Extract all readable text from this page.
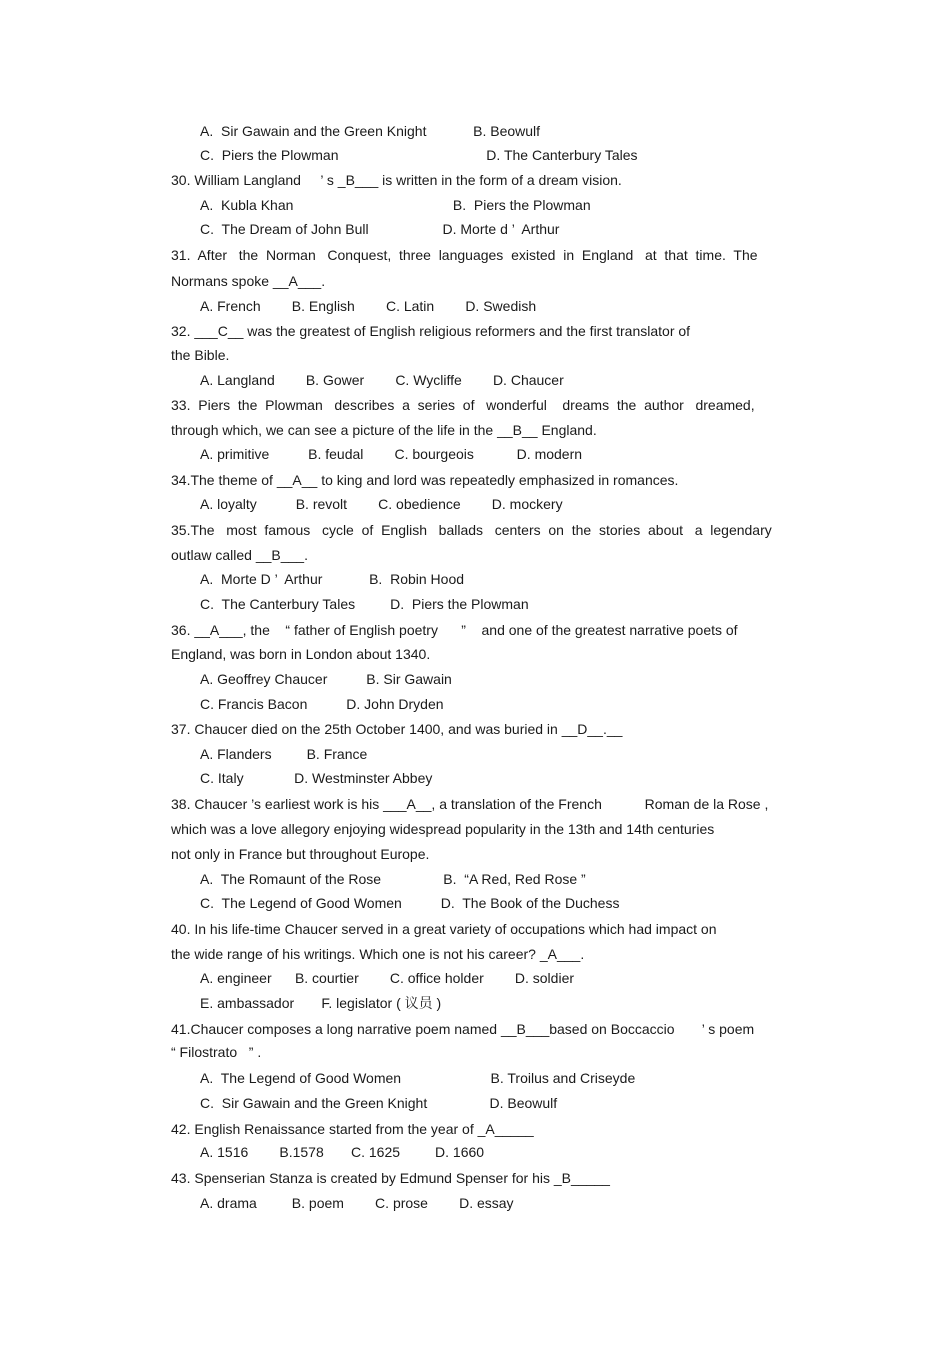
A.  Sir Gawain and the Green Knight            B. Beowulf
C.  Piers the Plowman                                      D. The Canterbury Tales
30. William Langland     ’ s _B___ is written in the form of a dream vision.
A.  Kubla Khan                                         B.  Piers the Plowman
C.  The Dream of John Bull                   D. Morte d ’  Arthur
31.  After   the  Norman   Conquest,  three  languages  existed  in  England   at  that  time.  The
Normans spoke __A___.
A. French        B. English        C. Latin        D. Swedish
32. ___C__ was the greatest of English religious reformers and the first translator of
the Bible.
A. Langland        B. Gower        C. Wycliffe        D. Chaucer
33.  Piers  the  Plowman   describes  a  series  of   wonderful    dreams  the  author   dreamed,
through which, we can see a picture of the life in the __B__ England.
A. primitive          B. feudal        C. bourgeois           D. modern
34.The theme of __A__ to king and lord was repeatedly emphasized in romances.
A. loyalty          B. revolt        C. obedience        D. mockery
35.The   most  famous   cycle  of  English   ballads   centers  on  the  stories  about   a  legendary
outlaw called __B___.
A.  Morte D ’  Arthur            B.  Robin Hood
C.  The Canterbury Tales         D.  Piers the Plowman
36. __A___, the    “ father of English poetry      ”    and one of the greatest narrative poets of
England, was born in London about 1340.
A. Geoffrey Chaucer          B. Sir Gawain
C. Francis Bacon          D. John Dryden
37. Chaucer died on the 25th October 1400, and was buried in __D__.__
A. Flanders         B. France
C. Italy             D. Westminster Abbey
38. Chaucer ’s earliest work is his ___A__, a translation of the French           Roman de la Rose ,
which was a love allegory enjoying widespread popularity in the 13th and 14th centuries
not only in France but throughout Europe.
A.  The Romaunt of the Rose                B.  “A Red, Red Rose ”
C.  The Legend of Good Women          D.  The Book of the Duchess
40. In his life-time Chaucer served in a great variety of occupations which had impact on
the wide range of his writings. Which one is not his career? _A___.
A. engineer      B. courtier        C. office holder        D. soldier
E. ambassador       F. legislator ( 议员 )
41.Chaucer composes a long narrative poem named __B___based on Boccaccio       ’ s poem
“ Filostrato   ” .
A.  The Legend of Good Women                       B. Troilus and Criseyde
C.  Sir Gawain and the Green Knight                D. Beowulf
42. English Renaissance started from the year of _A_____
A. 1516        B.1578       C. 1625         D. 1660
43. Spenserian Stanza is created by Edmund Spenser for his _B_____
A. drama         B. poem        C. prose        D. essay
